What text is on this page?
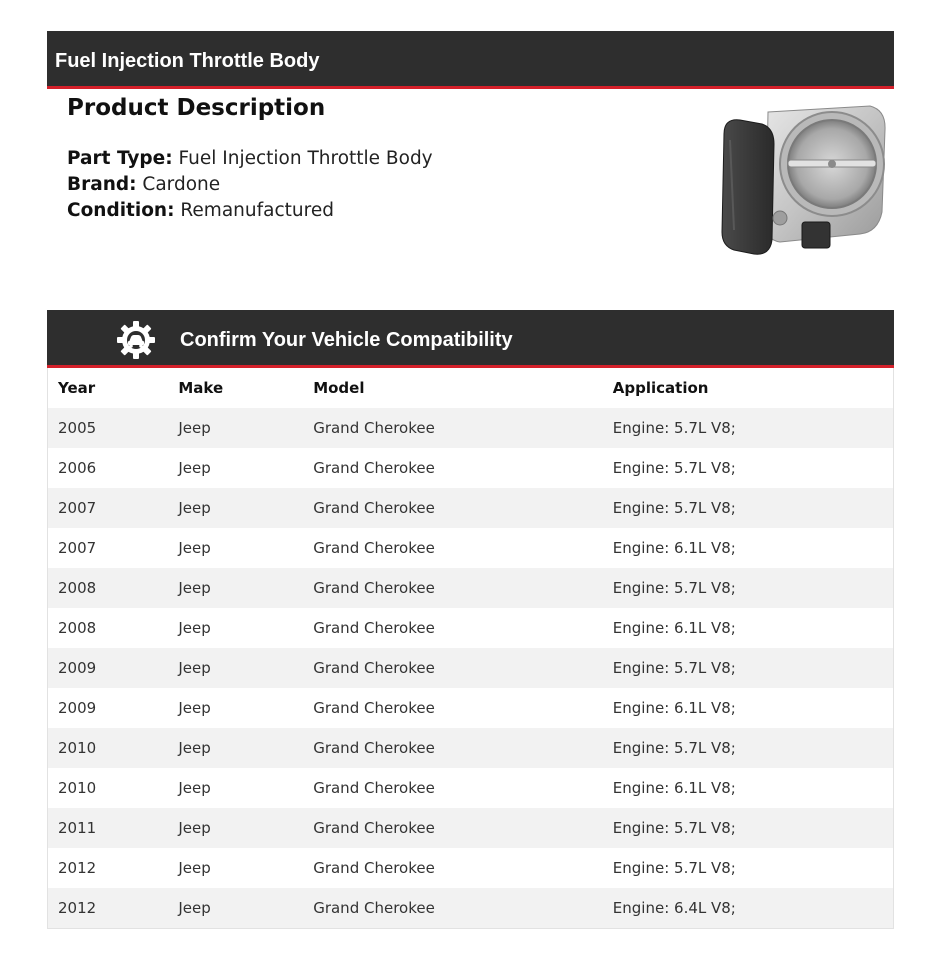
Fuel Injection Throttle Body
Product Description
Part Type: Fuel Injection Throttle Body
Brand: Cardone
Condition: Remanufactured
Confirm Your Vehicle Compatibility
Year	Make	Model	Application
2005	Jeep	Grand Cherokee	Engine: 5.7L V8;
2006	Jeep	Grand Cherokee	Engine: 5.7L V8;
2007	Jeep	Grand Cherokee	Engine: 5.7L V8;
2007	Jeep	Grand Cherokee	Engine: 6.1L V8;
2008	Jeep	Grand Cherokee	Engine: 5.7L V8;
2008	Jeep	Grand Cherokee	Engine: 6.1L V8;
2009	Jeep	Grand Cherokee	Engine: 5.7L V8;
2009	Jeep	Grand Cherokee	Engine: 6.1L V8;
2010	Jeep	Grand Cherokee	Engine: 5.7L V8;
2010	Jeep	Grand Cherokee	Engine: 6.1L V8;
2011	Jeep	Grand Cherokee	Engine: 5.7L V8;
2012	Jeep	Grand Cherokee	Engine: 5.7L V8;
2012	Jeep	Grand Cherokee	Engine: 6.4L V8;
